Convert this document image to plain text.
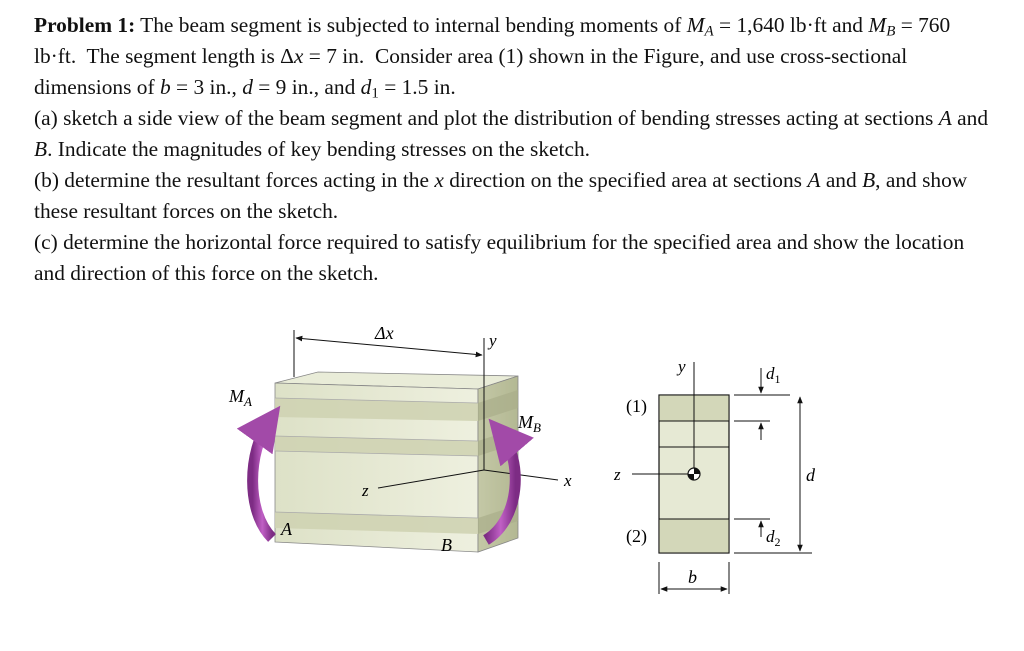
Problem 1: The beam segment is subjected to internal bending moments of $M_A = 1,640$ lb·ft and $M_B = 760$ lb·ft. The segment length is Δx = 7 in. Consider area (1) shown in the Figure, and use cross-sectional dimensions of b = 3 in., d = 9 in., and $d_1 = 1.5$ in.

(a) sketch a side view of the beam segment and plot the distribution of bending stresses acting at sections A and B. Indicate the magnitudes of key bending stresses on the sketch.

(b) determine the resultant forces acting in the x direction on the specified area at sections A and B, and show these resultant forces on the sketch.

(c) determine the horizontal force required to satisfy equilibrium for the specified area and show the location and direction of this force on the sketch.

y
x
z
Δx
$M_A$
$M_B$
A
B
y
z
(1)
(2)
b
$d_1$
$d_2$
d
